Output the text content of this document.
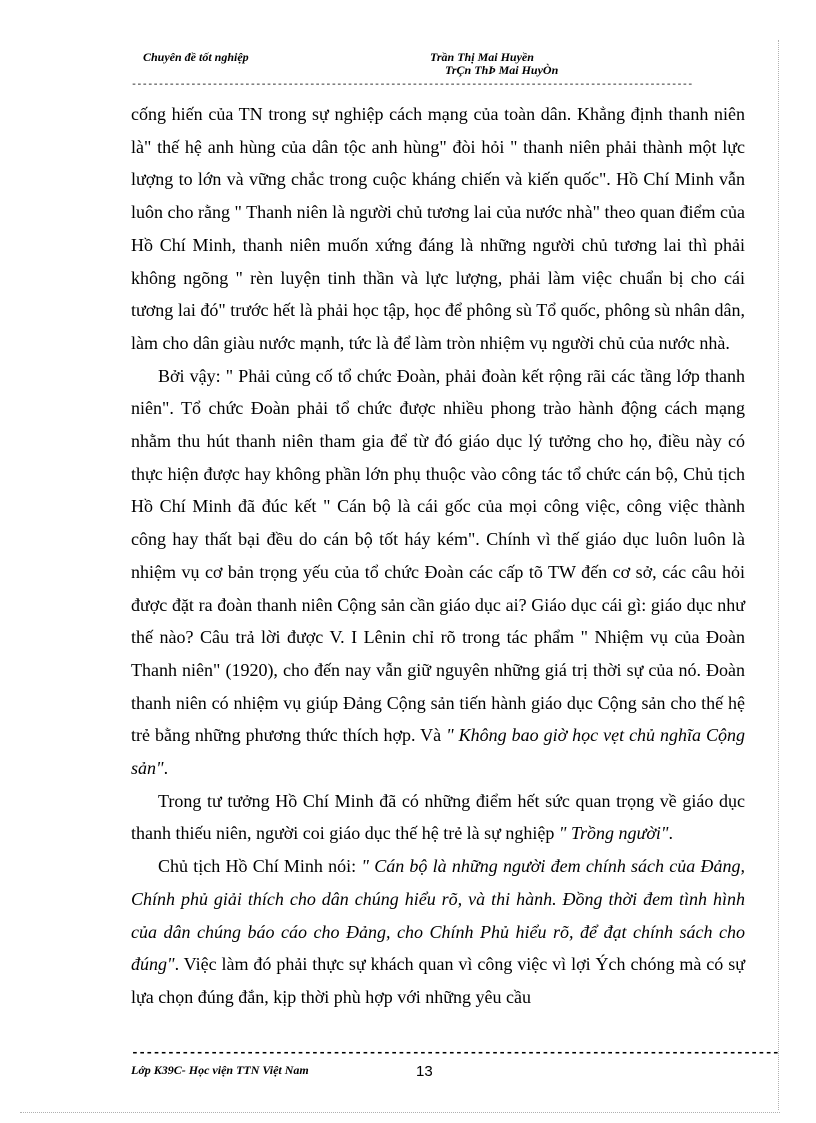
Chuyên đề tốt nghiệp	Trần Thị Mai Huyền
TrÇn ThÞ Mai HuyÒn
--------------------------------------------------------------------------------------------------------

cống hiến của TN trong sự nghiệp cách mạng của toàn dân. Khẳng định thanh niên là" thế hệ anh hùng của dân tộc anh hùng" đòi hỏi " thanh niên phải thành một lực lượng to lớn và vững chắc trong cuộc kháng chiến và kiến quốc". Hồ Chí Minh vẫn luôn cho rằng " Thanh niên là người chủ tương lai của nước nhà" theo quan điểm của Hồ Chí Minh, thanh niên muốn xứng đáng là những người chủ tương lai thì phải không ngõng " rèn luyện tinh thần và lực lượng, phải làm việc chuẩn bị cho cái tương lai đó" trước hết là phải học tập, học để phông sù Tổ quốc, phông sù nhân dân, làm cho dân giàu nước mạnh, tức là để làm tròn nhiệm vụ người chủ của nước nhà.

Bởi vậy: " Phải củng cố tổ chức Đoàn, phải đoàn kết rộng rãi các tầng lớp thanh niên". Tổ chức Đoàn phải tổ chức được nhiều phong trào hành động cách mạng nhằm thu hút thanh niên tham gia để từ đó giáo dục lý tưởng cho họ, điều này có thực hiện được hay không phần lớn phụ thuộc vào công tác tổ chức cán bộ, Chủ tịch Hồ Chí Minh đã đúc kết " Cán bộ là cái gốc của mọi công việc, công việc thành công hay thất bại đều do cán bộ tốt háy kém". Chính vì thế giáo dục luôn luôn là nhiệm vụ cơ bản trọng yếu của tổ chức Đoàn các cấp tõ TW đến cơ sở, các câu hỏi được đặt ra đoàn thanh niên Cộng sản cần giáo dục ai? Giáo dục cái gì: giáo dục như thế nào? Câu trả lời được V. I Lênin chỉ rõ trong tác phẩm " Nhiệm vụ của Đoàn Thanh niên" (1920), cho đến nay vẫn giữ nguyên những giá trị thời sự của nó. Đoàn thanh niên có nhiệm vụ giúp Đảng Cộng sản tiến hành giáo dục Cộng sản cho thế hệ trẻ bằng những phương thức thích hợp. Và " Không bao giờ học vẹt chủ nghĩa Cộng sản".

Trong tư tưởng Hồ Chí Minh đã có những điểm hết sức quan trọng về giáo dục thanh thiếu niên, người coi giáo dục thế hệ trẻ là sự nghiệp " Trồng người".

Chủ tịch Hồ Chí Minh nói: " Cán bộ là những người đem chính sách của Đảng, Chính phủ giải thích cho dân chúng hiểu rõ, và thi hành. Đồng thời đem tình hình của dân chúng báo cáo cho Đảng, cho Chính Phủ hiểu rõ, để đạt chính sách cho đúng". Việc làm đó phải thực sự khách quan vì công việc vì lợi Ých chóng mà có sự lựa chọn đúng đắn, kịp thời phù hợp với những yêu cầu

------------------------------------------------------------------------------------------
Lớp K39C- Học viện TTN Việt Nam	13
